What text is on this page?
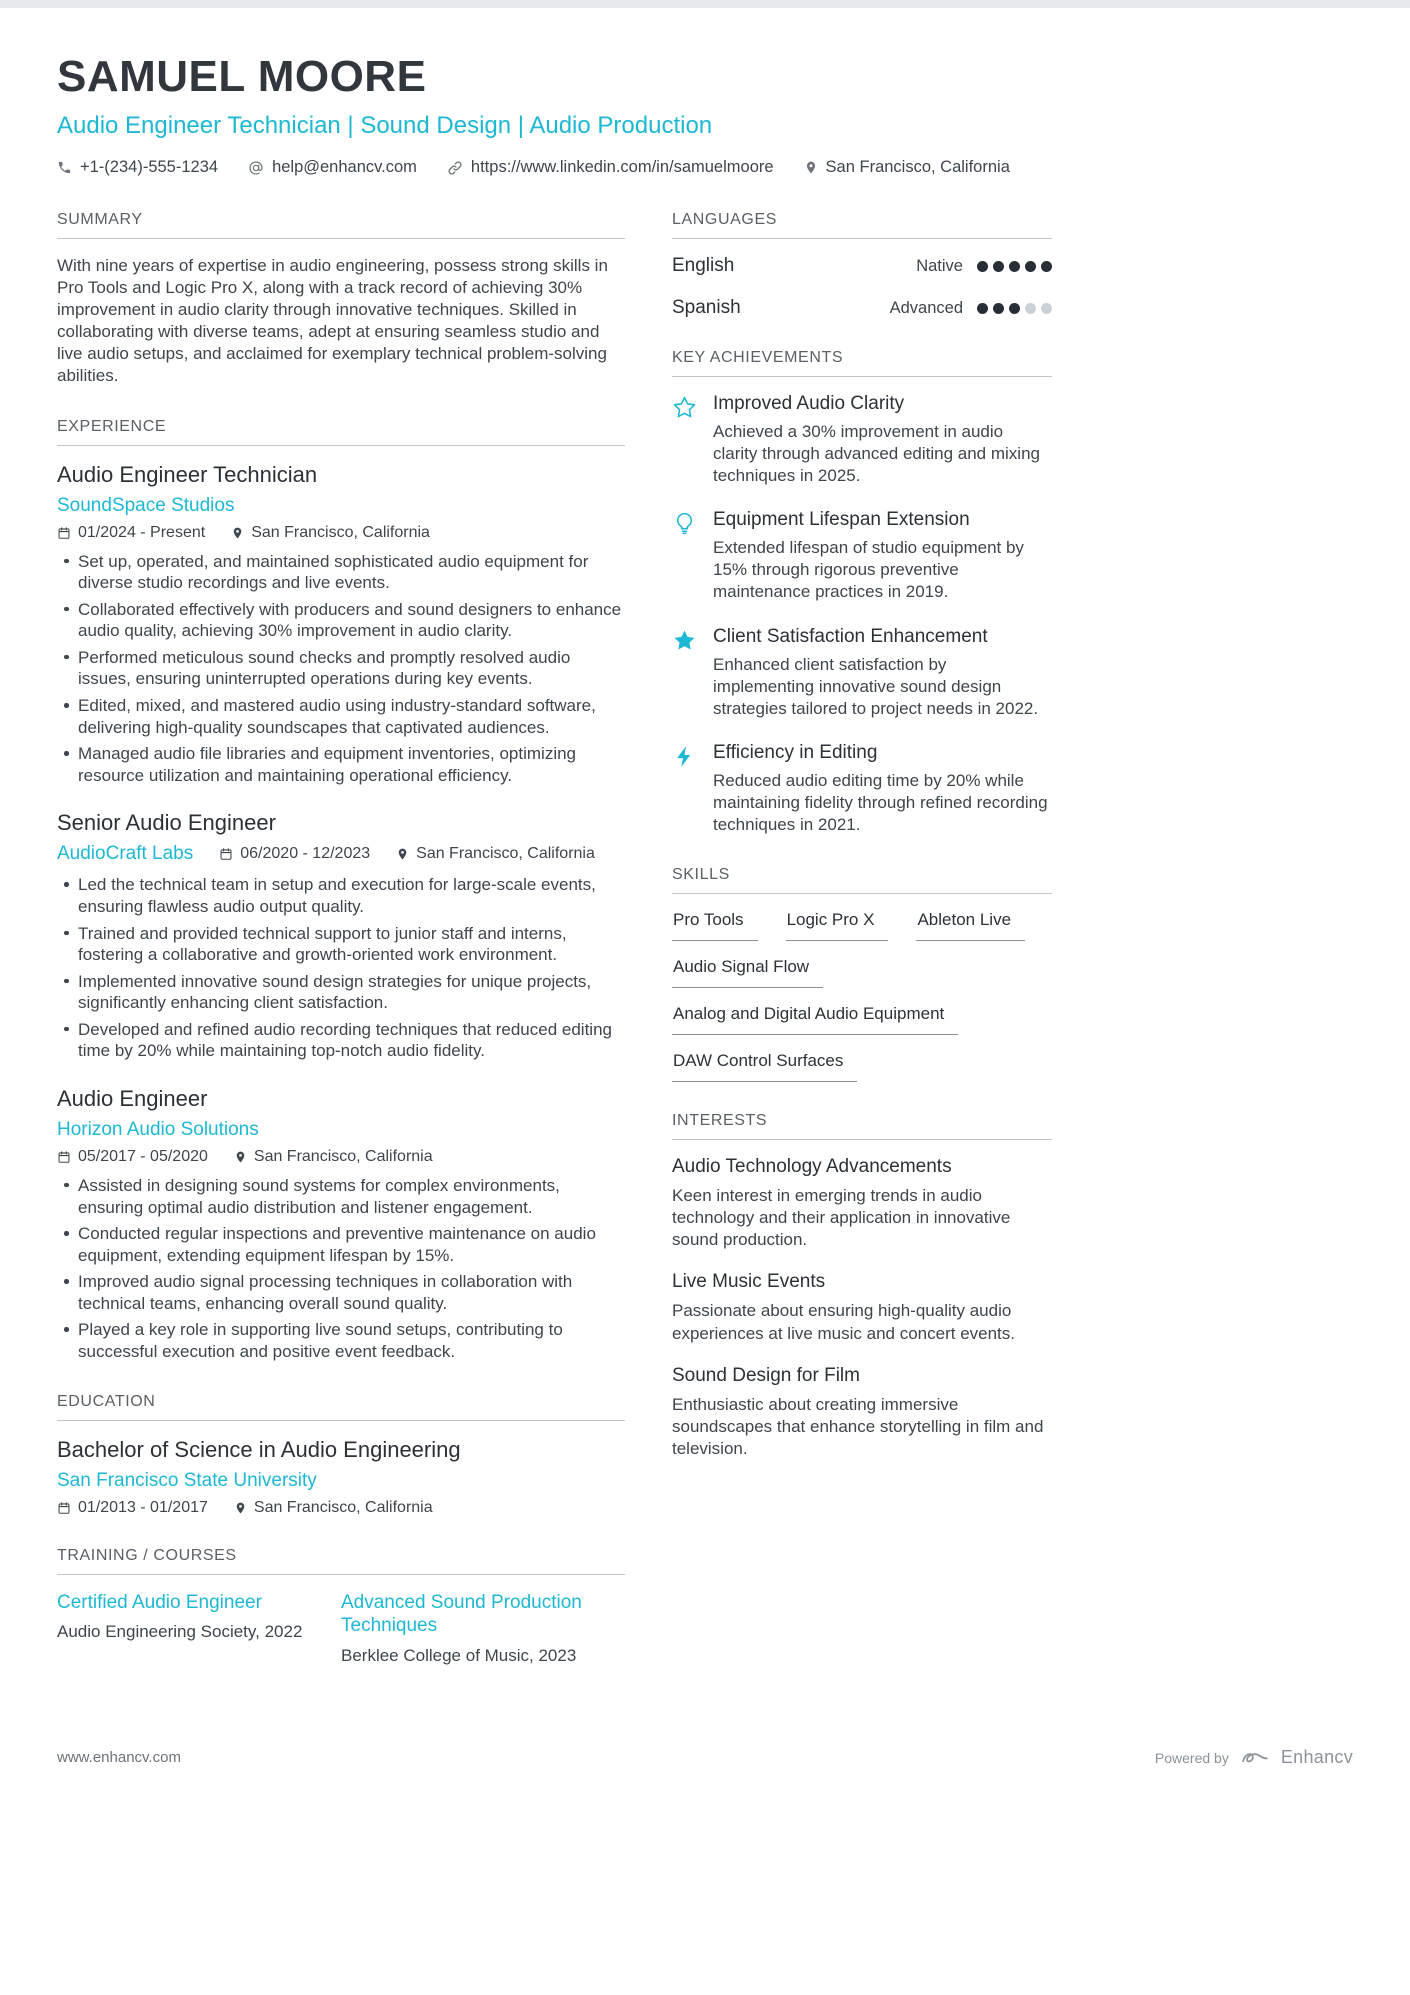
SAMUEL MOORE
Audio Engineer Technician | Sound Design | Audio Production
+1-(234)-555-1234	help@enhancv.com	https://www.linkedin.com/in/samuelmoore	San Francisco, California
SUMMARY

With nine years of expertise in audio engineering, possess strong skills in Pro Tools and Logic Pro X, along with a track record of achieving 30% improvement in audio clarity through innovative techniques. Skilled in collaborating with diverse teams, adept at ensuring seamless studio and live audio setups, and acclaimed for exemplary technical problem-solving abilities.

EXPERIENCE
Audio Engineer Technician
SoundSpace Studios
01/2024 - Present	San Francisco, California
Set up, operated, and maintained sophisticated audio equipment for diverse studio recordings and live events.
Collaborated effectively with producers and sound designers to enhance audio quality, achieving 30% improvement in audio clarity.
Performed meticulous sound checks and promptly resolved audio issues, ensuring uninterrupted operations during key events.
Edited, mixed, and mastered audio using industry-standard software, delivering high-quality soundscapes that captivated audiences.
Managed audio file libraries and equipment inventories, optimizing resource utilization and maintaining operational efficiency.
Senior Audio Engineer
AudioCraft Labs	06/2020 - 12/2023	San Francisco, California
Led the technical team in setup and execution for large-scale events, ensuring flawless audio output quality.
Trained and provided technical support to junior staff and interns, fostering a collaborative and growth-oriented work environment.
Implemented innovative sound design strategies for unique projects, significantly enhancing client satisfaction.
Developed and refined audio recording techniques that reduced editing time by 20% while maintaining top-notch audio fidelity.
Audio Engineer
Horizon Audio Solutions
05/2017 - 05/2020	San Francisco, California
Assisted in designing sound systems for complex environments, ensuring optimal audio distribution and listener engagement.
Conducted regular inspections and preventive maintenance on audio equipment, extending equipment lifespan by 15%.
Improved audio signal processing techniques in collaboration with technical teams, enhancing overall sound quality.
Played a key role in supporting live sound setups, contributing to successful execution and positive event feedback.
EDUCATION
Bachelor of Science in Audio Engineering
San Francisco State University
01/2013 - 01/2017	San Francisco, California
TRAINING / COURSES
Certified Audio Engineer
Audio Engineering Society, 2022
Advanced Sound Production Techniques
Berklee College of Music, 2023
LANGUAGES
English	Native
Spanish	Advanced
KEY ACHIEVEMENTS
Improved Audio Clarity
Achieved a 30% improvement in audio clarity through advanced editing and mixing techniques in 2025.
Equipment Lifespan Extension
Extended lifespan of studio equipment by 15% through rigorous preventive maintenance practices in 2019.
Client Satisfaction Enhancement
Enhanced client satisfaction by implementing innovative sound design strategies tailored to project needs in 2022.
Efficiency in Editing
Reduced audio editing time by 20% while maintaining fidelity through refined recording techniques in 2021.
SKILLS
Pro Tools	Logic Pro X	Ableton Live
Audio Signal Flow
Analog and Digital Audio Equipment
DAW Control Surfaces
INTERESTS
Audio Technology Advancements
Keen interest in emerging trends in audio technology and their application in innovative sound production.
Live Music Events
Passionate about ensuring high-quality audio experiences at live music and concert events.
Sound Design for Film
Enthusiastic about creating immersive soundscapes that enhance storytelling in film and television.
www.enhancv.com	Powered by	Enhancv
